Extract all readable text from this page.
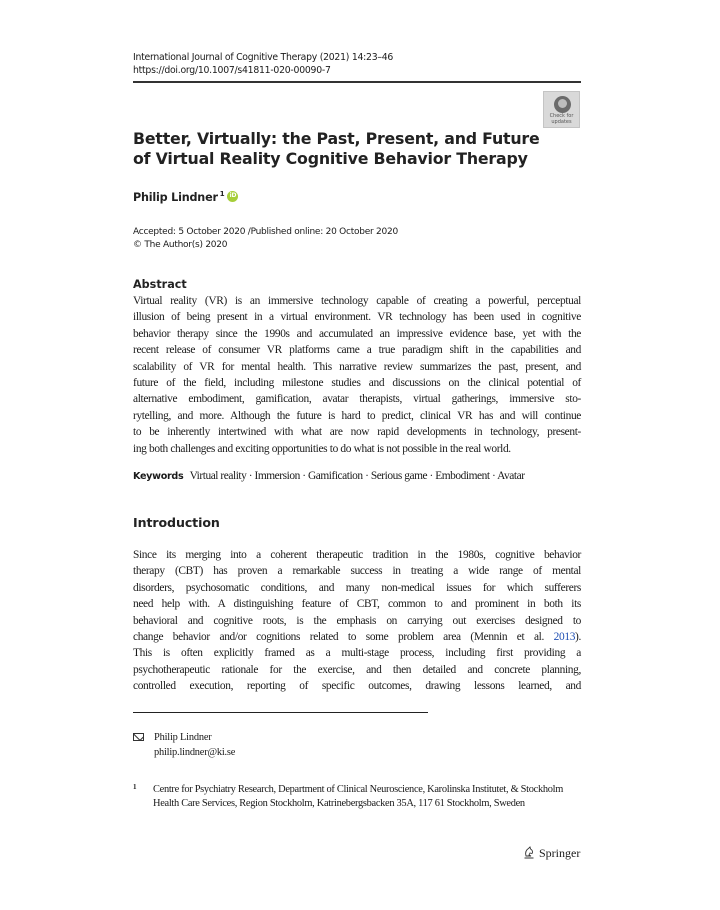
International Journal of Cognitive Therapy (2021) 14:23–46
https://doi.org/10.1007/s41811-020-00090-7
Check for
updates
Better, Virtually: the Past, Present, and Future
of Virtual Reality Cognitive Behavior Therapy
Philip Lindner $^1$ iD
Accepted: 5 October 2020 /Published online: 20 October 2020
© The Author(s) 2020
Abstract
Virtual reality (VR) is an immersive technology capable of creating a powerful, perceptual
illusion of being present in a virtual environment. VR technology has been used in cognitive
behavior therapy since the 1990s and accumulated an impressive evidence base, yet with the
recent release of consumer VR platforms came a true paradigm shift in the capabilities and
scalability of VR for mental health. This narrative review summarizes the past, present, and
future of the field, including milestone studies and discussions on the clinical potential of
alternative embodiment, gamification, avatar therapists, virtual gatherings, immersive sto-
rytelling, and more. Although the future is hard to predict, clinical VR has and will continue
to be inherently intertwined with what are now rapid developments in technology, present-
ing both challenges and exciting opportunities to do what is not possible in the real world.
Keywords Virtual reality · Immersion · Gamification · Serious game · Embodiment · Avatar
Introduction
Since its merging into a coherent therapeutic tradition in the 1980s, cognitive behavior
therapy (CBT) has proven a remarkable success in treating a wide range of mental
disorders, psychosomatic conditions, and many non-medical issues for which sufferers
need help with. A distinguishing feature of CBT, common to and prominent in both its
behavioral and cognitive roots, is the emphasis on carrying out exercises designed to
change behavior and/or cognitions related to some problem area (Mennin et al. 2013).
This is often explicitly framed as a multi-stage process, including first providing a
psychotherapeutic rationale for the exercise, and then detailed and concrete planning,
controlled execution, reporting of specific outcomes, drawing lessons learned, and
Philip Lindner
philip.lindner@ki.se
1 Centre for Psychiatry Research, Department of Clinical Neuroscience, Karolinska Institutet, & Stockholm Health Care Services, Region Stockholm, Katrinebergsbacken 35A, 117 61 Stockholm, Sweden
Springer
